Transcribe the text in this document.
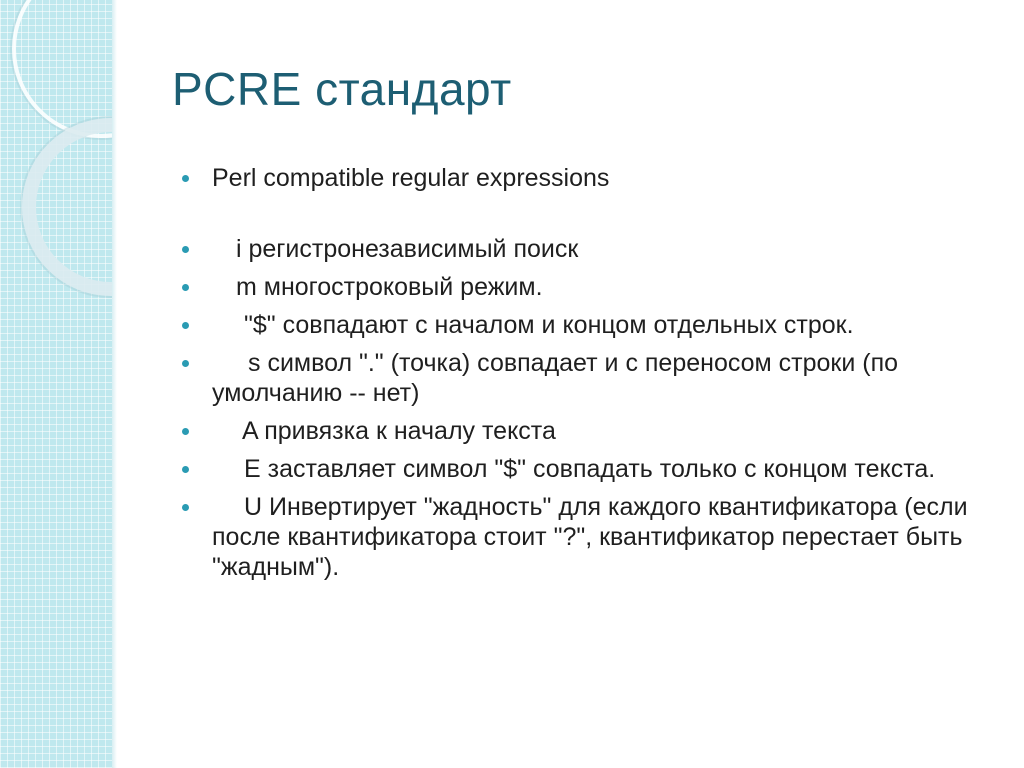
PCRE стандарт
Perl compatible regular expressions
i регистронезависимый поиск
m многостроковый режим.
"$" совпадают с началом и концом отдельных строк.
s символ "." (точка) совпадает и с переносом строки (по умолчанию -- нет)
A привязка к началу текста
E заставляет символ "$" совпадать только с концом текста.
U Инвертирует "жадность" для каждого квантификатора (если после квантификатора стоит "?", квантификатор перестает быть "жадным").
